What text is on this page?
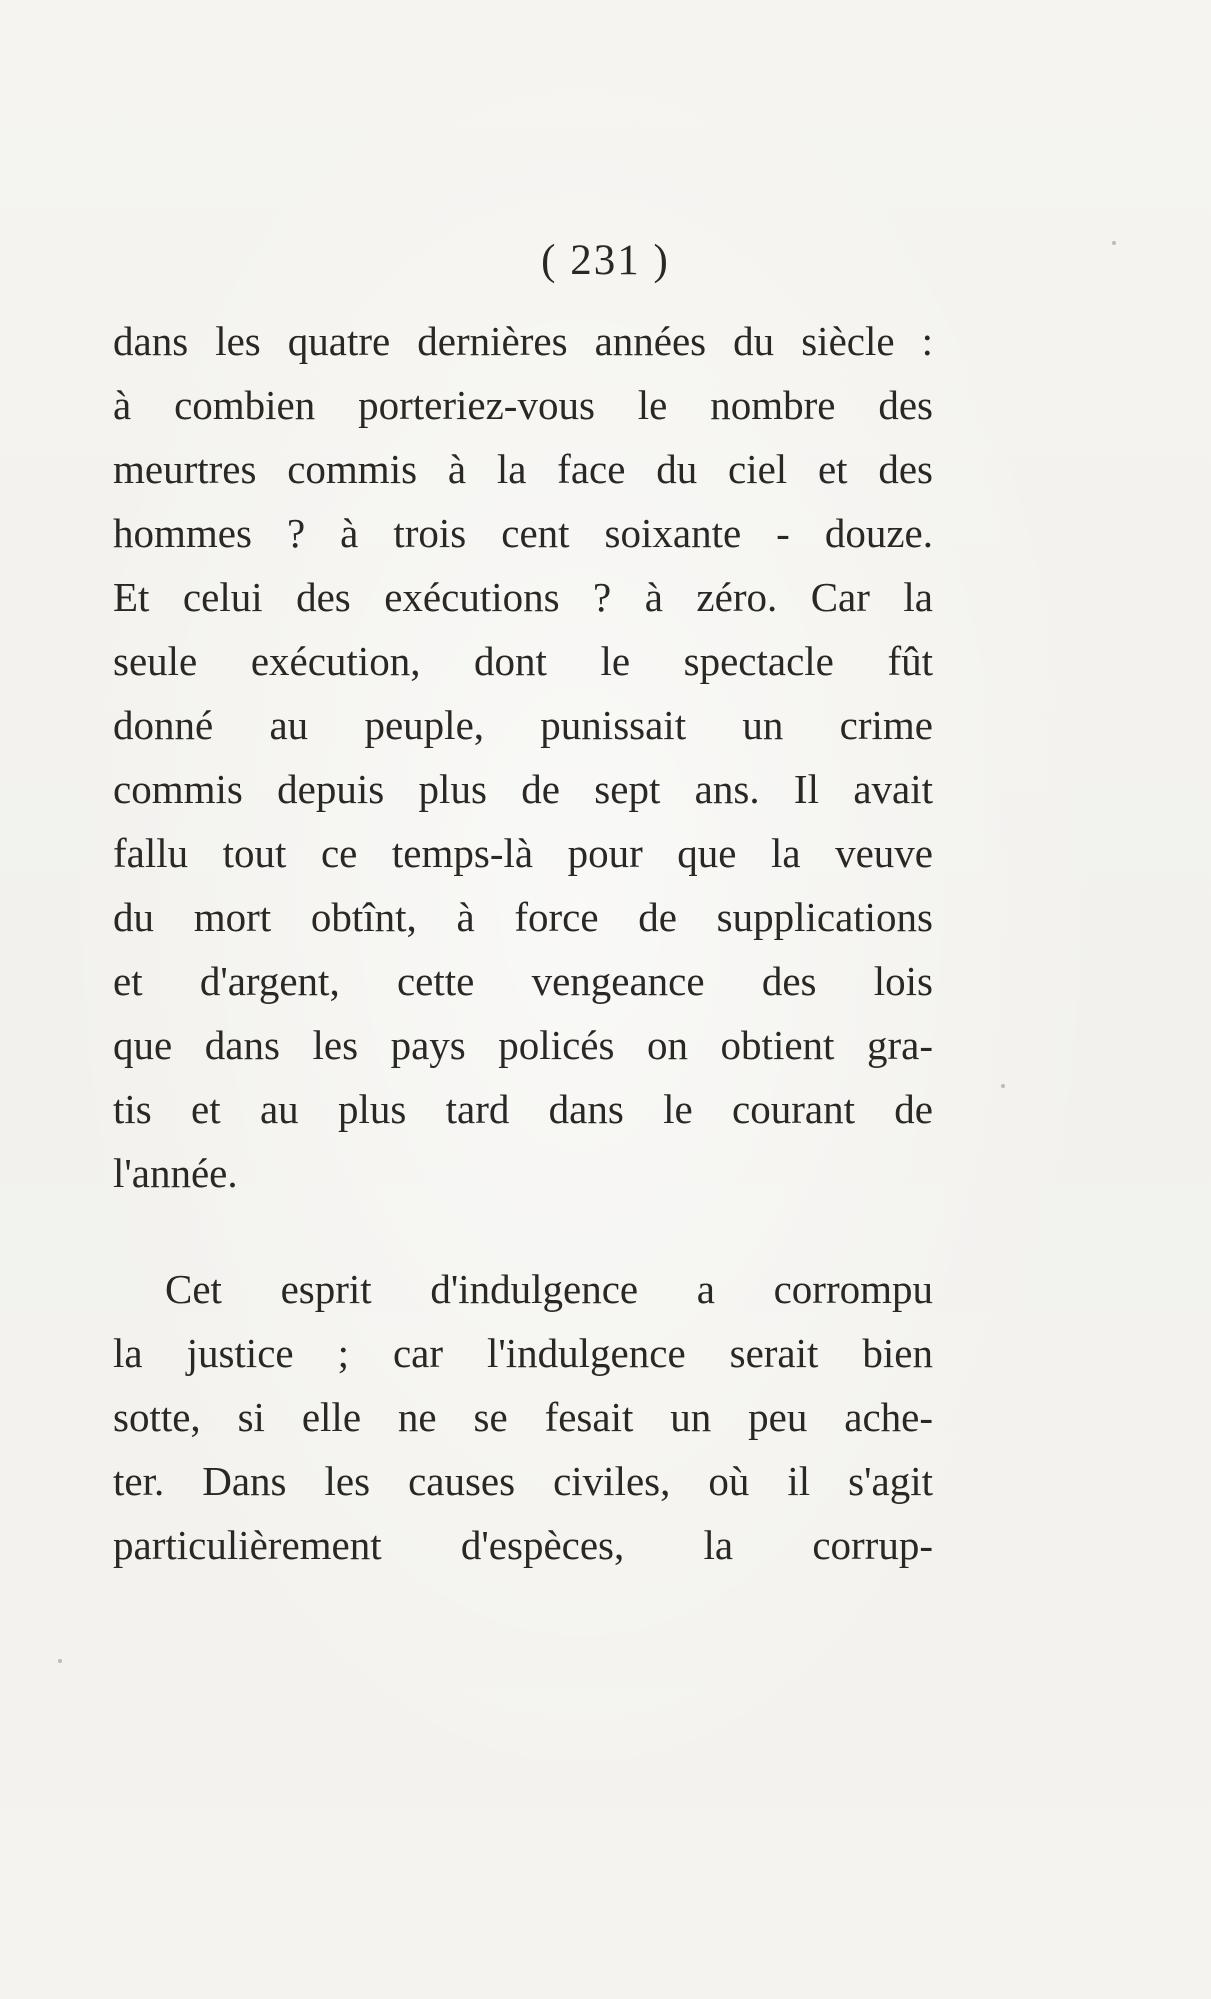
( 231 )
dans les quatre dernières années du siècle :
à combien porteriez-vous le nombre des
meurtres commis à la face du ciel et des
hommes ? à trois cent soixante - douze.
Et celui des exécutions ? à zéro. Car la
seule exécution, dont le spectacle fût
donné au peuple, punissait un crime
commis depuis plus de sept ans. Il avait
fallu tout ce temps-là pour que la veuve
du mort obtînt, à force de supplications
et d'argent, cette vengeance des lois
que dans les pays policés on obtient gra-
tis et au plus tard dans le courant de
l'année.
Cet esprit d'indulgence a corrompu
la justice ; car l'indulgence serait bien
sotte, si elle ne se fesait un peu ache-
ter. Dans les causes civiles, où il s'agit
particulièrement d'espèces, la corrup-
